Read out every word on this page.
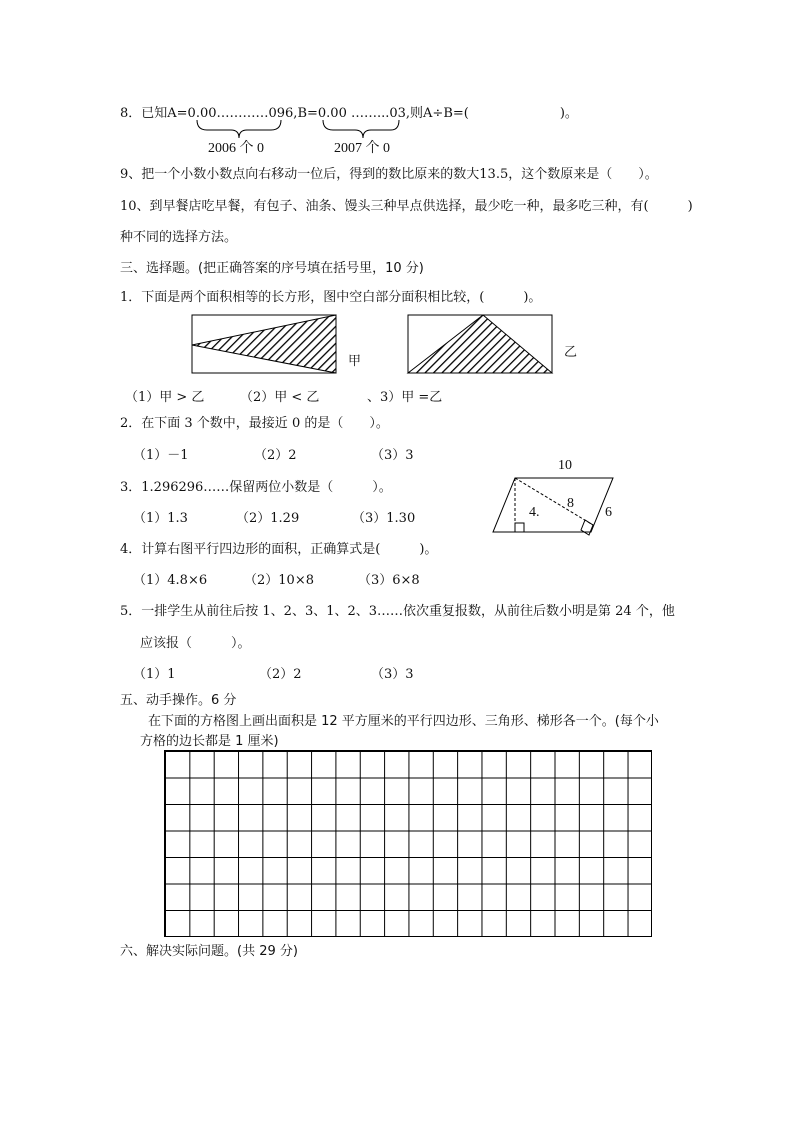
8．已知A=0.00…………096,B=0.00 ……...03,则A÷B=(　　　　　　　)。
2006 个 0	2007 个 0
9、把一个小数小数点向右移动一位后，得到的数比原来的数大13.5，这个数原来是（　　）。
10、到早餐店吃早餐，有包子、油条、馒头三种早点供选择，最少吃一种，最多吃三种，有(　　　)
种不同的选择方法。
三、选择题。(把正确答案的序号填在括号里，10 分)
1．下面是两个面积相等的长方形，图中空白部分面积相比较，(　　　)。
甲
乙
（1）甲 > 乙	（2）甲 < 乙	、3）甲 =乙
2．在下面 3 个数中，最接近 0 的是（　　）。
（1）－1	（2）2	（3）3
3．1.296296……保留两位小数是（　　　）。
（1）1.3	（2）1.29	（3）1.30
10
8
4.	6
4．计算右图平行四边形的面积，正确算式是(　　　)。
（1）4.8×6	（2）10×8	（3）6×8
5．一排学生从前往后按 1、2、3、1、2、3……依次重复报数，从前往后数小明是第 24 个，他
应该报（　　　）。
（1）1	（2）2	（3）3
五、动手操作。6 分
在下面的方格图上画出面积是 12 平方厘米的平行四边形、三角形、梯形各一个。(每个小
方格的边长都是 1 厘米)
六、解决实际问题。(共 29 分)
